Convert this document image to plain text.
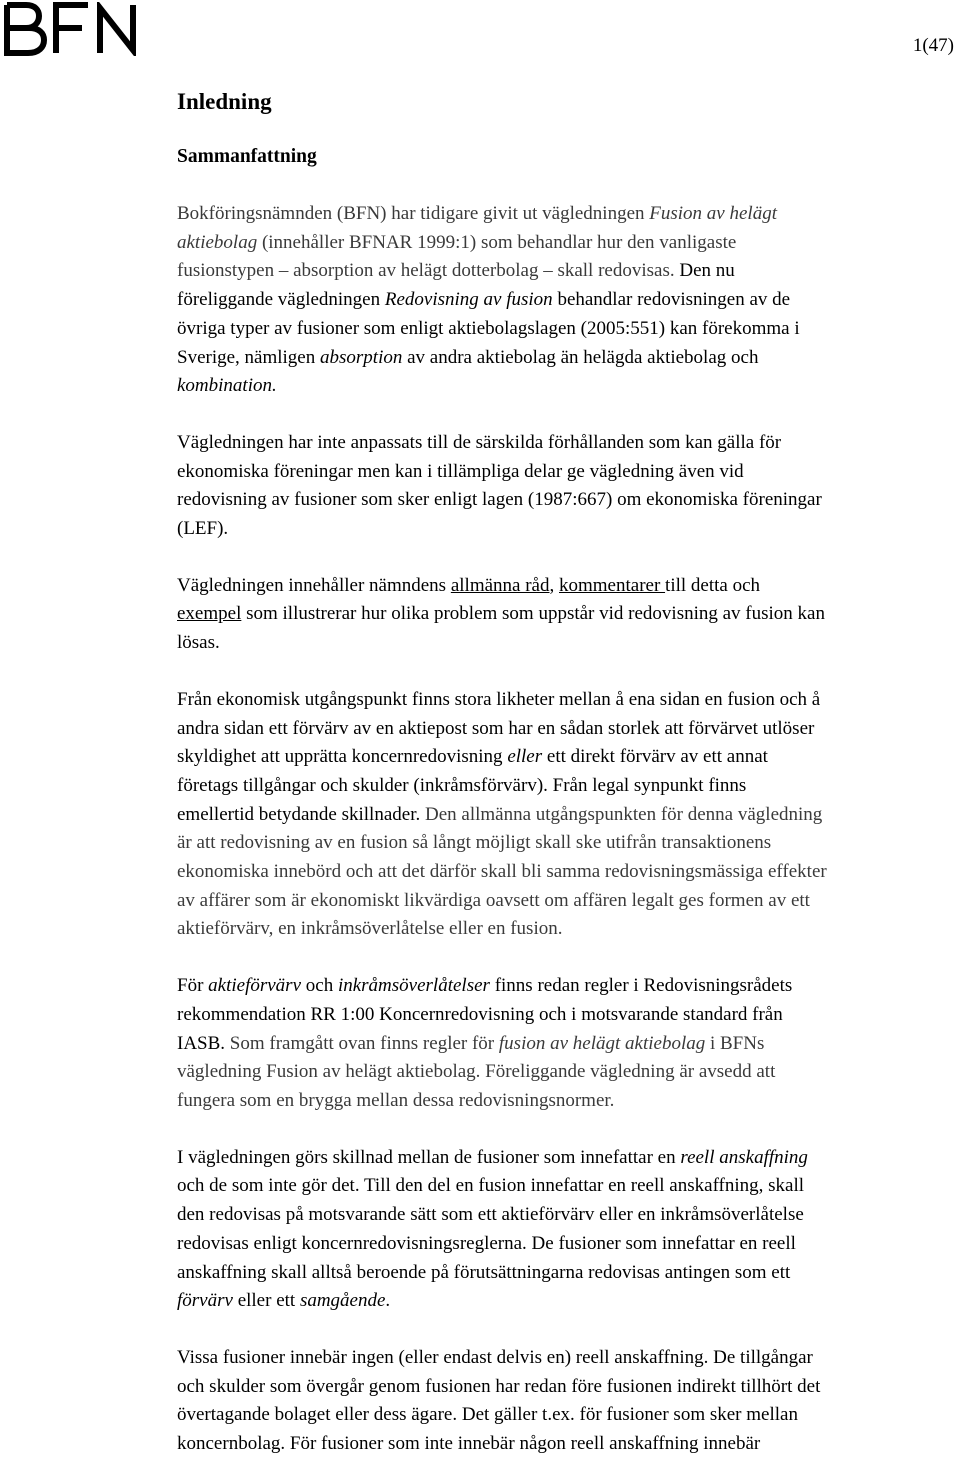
1(47)
Inledning
Sammanfattning

Bokföringsnämnden (BFN) har tidigare givit ut vägledningen Fusion av helägt
aktiebolag (innehåller BFNAR 1999:1) som behandlar hur den vanligaste
fusionstypen – absorption av helägt dotterbolag – skall redovisas. Den nu
föreliggande vägledningen Redovisning av fusion behandlar redovisningen av de
övriga typer av fusioner som enligt aktiebolagslagen (2005:551) kan förekomma i
Sverige, nämligen absorption av andra aktiebolag än helägda aktiebolag och
kombination.

Vägledningen har inte anpassats till de särskilda förhållanden som kan gälla för
ekonomiska föreningar men kan i tillämpliga delar ge vägledning även vid
redovisning av fusioner som sker enligt lagen (1987:667) om ekonomiska föreningar
(LEF).

Vägledningen innehåller nämndens allmänna råd, kommentarer till detta och
exempel som illustrerar hur olika problem som uppstår vid redovisning av fusion kan
lösas.

Från ekonomisk utgångspunkt finns stora likheter mellan å ena sidan en fusion och å
andra sidan ett förvärv av en aktiepost som har en sådan storlek att förvärvet utlöser
skyldighet att upprätta koncernredovisning eller ett direkt förvärv av ett annat
företags tillgångar och skulder (inkråmsförvärv). Från legal synpunkt finns
emellertid betydande skillnader. Den allmänna utgångspunkten för denna vägledning
är att redovisning av en fusion så långt möjligt skall ske utifrån transaktionens
ekonomiska innebörd och att det därför skall bli samma redovisningsmässiga effekter
av affärer som är ekonomiskt likvärdiga oavsett om affären legalt ges formen av ett
aktieförvärv, en inkråmsöverlåtelse eller en fusion.

För aktieförvärv och inkråmsöverlåtelser finns redan regler i Redovisningsrådets
rekommendation RR 1:00 Koncernredovisning och i motsvarande standard från
IASB. Som framgått ovan finns regler för fusion av helägt aktiebolag i BFNs
vägledning Fusion av helägt aktiebolag. Föreliggande vägledning är avsedd att
fungera som en brygga mellan dessa redovisningsnormer.

I vägledningen görs skillnad mellan de fusioner som innefattar en reell anskaffning
och de som inte gör det. Till den del en fusion innefattar en reell anskaffning, skall
den redovisas på motsvarande sätt som ett aktieförvärv eller en inkråmsöverlåtelse
redovisas enligt koncernredovisningsreglerna. De fusioner som innefattar en reell
anskaffning skall alltså beroende på förutsättningarna redovisas antingen som ett
förvärv eller ett samgående.

Vissa fusioner innebär ingen (eller endast delvis en) reell anskaffning. De tillgångar
och skulder som övergår genom fusionen har redan före fusionen indirekt tillhört det
övertagande bolaget eller dess ägare. Det gäller t.ex. för fusioner som sker mellan
koncernbolag. För fusioner som inte innebär någon reell anskaffning innebär
